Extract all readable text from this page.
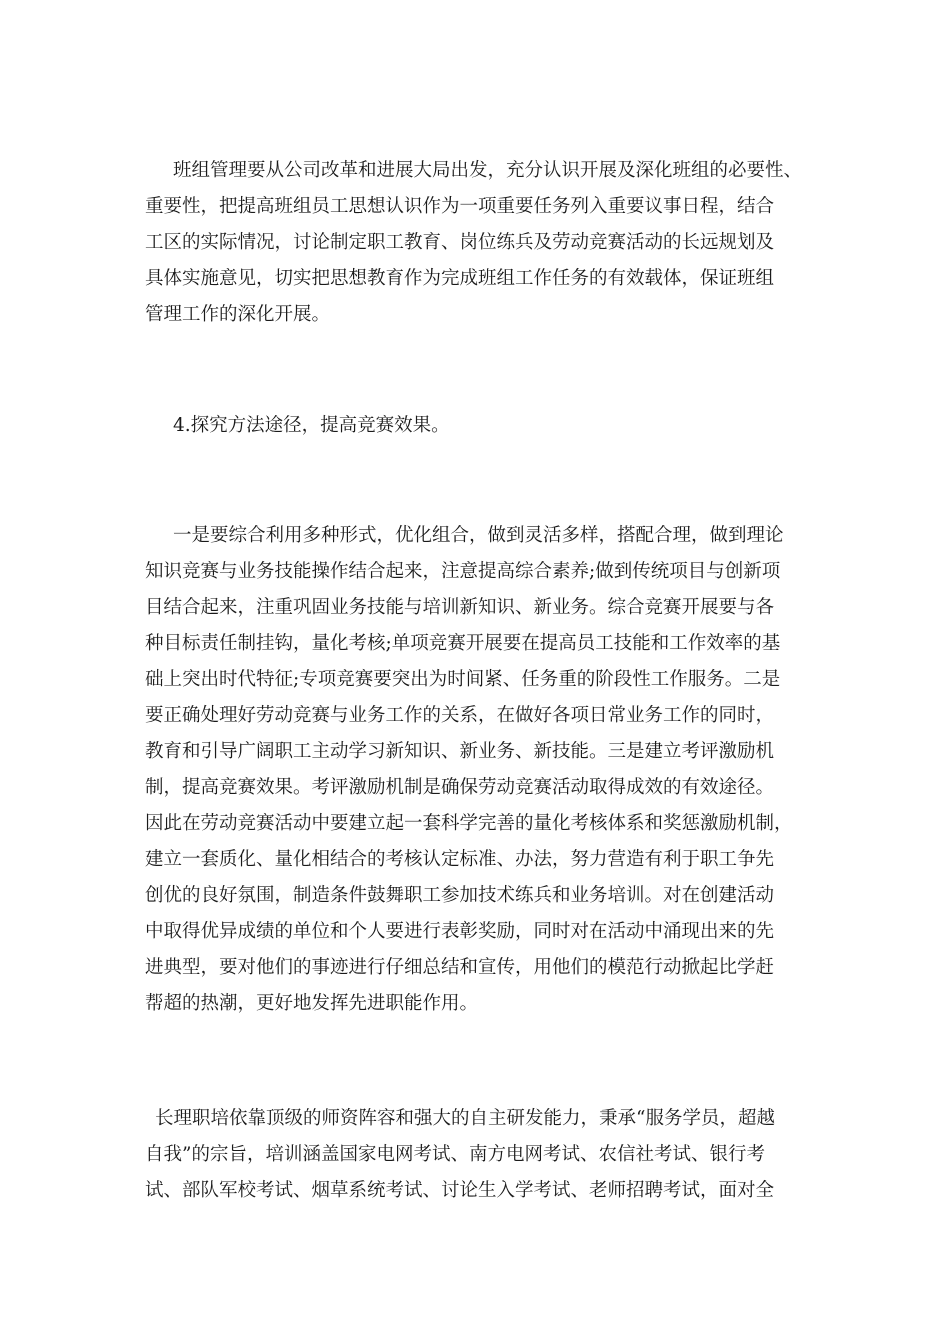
班组管理要从公司改革和进展大局出发，充分认识开展及深化班组的必要性、
重要性，把提高班组员工思想认识作为一项重要任务列入重要议事日程，结合
工区的实际情况，讨论制定职工教育、岗位练兵及劳动竞赛活动的长远规划及
具体实施意见，切实把思想教育作为完成班组工作任务的有效载体，保证班组
管理工作的深化开展。
4.探究方法途径，提高竞赛效果。
一是要综合利用多种形式，优化组合，做到灵活多样，搭配合理，做到理论
知识竞赛与业务技能操作结合起来，注意提高综合素养;做到传统项目与创新项
目结合起来，注重巩固业务技能与培训新知识、新业务。综合竞赛开展要与各
种目标责任制挂钩，量化考核;单项竞赛开展要在提高员工技能和工作效率的基
础上突出时代特征;专项竞赛要突出为时间紧、任务重的阶段性工作服务。二是
要正确处理好劳动竞赛与业务工作的关系，在做好各项日常业务工作的同时，
教育和引导广阔职工主动学习新知识、新业务、新技能。三是建立考评激励机
制，提高竞赛效果。考评激励机制是确保劳动竞赛活动取得成效的有效途径。
因此在劳动竞赛活动中要建立起一套科学完善的量化考核体系和奖惩激励机制，
建立一套质化、量化相结合的考核认定标准、办法，努力营造有利于职工争先
创优的良好氛围，制造条件鼓舞职工参加技术练兵和业务培训。对在创建活动
中取得优异成绩的单位和个人要进行表彰奖励，同时对在活动中涌现出来的先
进典型，要对他们的事迹进行仔细总结和宣传，用他们的模范行动掀起比学赶
帮超的热潮，更好地发挥先进职能作用。
长理职培依靠顶级的师资阵容和强大的自主研发能力，秉承“服务学员，超越
自我”的宗旨，培训涵盖国家电网考试、南方电网考试、农信社考试、银行考
试、部队军校考试、烟草系统考试、讨论生入学考试、老师招聘考试，面对全
